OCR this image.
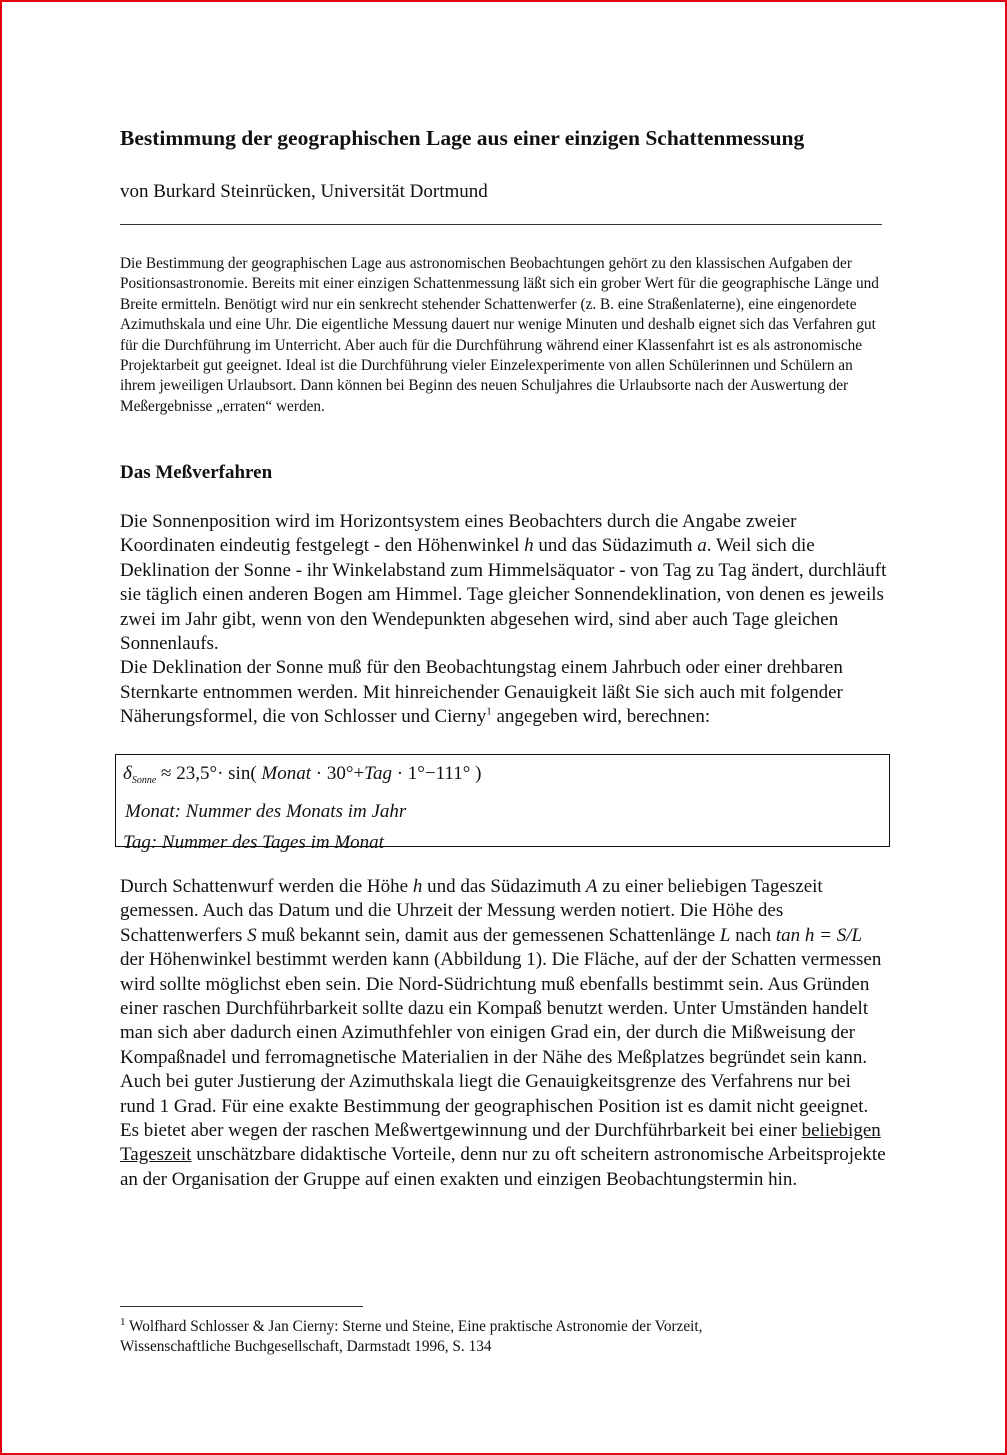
Bestimmung der geographischen Lage aus einer einzigen Schattenmessung
von Burkard Steinrücken, Universität Dortmund

Die Bestimmung der geographischen Lage aus astronomischen Beobachtungen gehört zu den klassischen Aufgaben der Positionsastronomie. Bereits mit einer einzigen Schattenmessung läßt sich ein grober Wert für die geographische Länge und Breite ermitteln. Benötigt wird nur ein senkrecht stehender Schattenwerfer (z. B. eine Straßenlaterne), eine eingenordete Azimuthskala und eine Uhr. Die eigentliche Messung dauert nur wenige Minuten und deshalb eignet sich das Verfahren gut für die Durchführung im Unterricht. Aber auch für die Durchführung während einer Klassenfahrt ist es als astronomische Projektarbeit gut geeignet. Ideal ist die Durchführung vieler Einzelexperimente von allen Schülerinnen und Schülern an ihrem jeweiligen Urlaubsort. Dann können bei Beginn des neuen Schuljahres die Urlaubsorte nach der Auswertung der Meßergebnisse „erraten“ werden.

Das Meßverfahren

Die Sonnenposition wird im Horizontsystem eines Beobachters durch die Angabe zweier Koordinaten eindeutig festgelegt - den Höhenwinkel h und das Südazimuth a. Weil sich die Deklination der Sonne - ihr Winkelabstand zum Himmelsäquator - von Tag zu Tag ändert, durchläuft sie täglich einen anderen Bogen am Himmel. Tage gleicher Sonnendeklination, von denen es jeweils zwei im Jahr gibt, wenn von den Wendepunkten abgesehen wird, sind aber auch Tage gleichen Sonnenlaufs.
Die Deklination der Sonne muß für den Beobachtungstag einem Jahrbuch oder einer drehbaren Sternkarte entnommen werden. Mit hinreichender Genauigkeit läßt Sie sich auch mit folgender Näherungsformel, die von Schlosser und Cierny$^1$ angegeben wird, berechnen:

$\delta_{Sonne} \approx 23,5^\circ\cdot \sin$( Monat · 30°+Tag · 1°−111° )
Monat: Nummer des Monats im Jahr
Tag: Nummer des Tages im Monat

Durch Schattenwurf werden die Höhe h und das Südazimuth A zu einer beliebigen Tageszeit gemessen. Auch das Datum und die Uhrzeit der Messung werden notiert. Die Höhe des Schattenwerfers S muß bekannt sein, damit aus der gemessenen Schattenlänge L nach tan h = S/L der Höhenwinkel bestimmt werden kann (Abbildung 1). Die Fläche, auf der der Schatten vermessen wird sollte möglichst eben sein. Die Nord-Südrichtung muß ebenfalls bestimmt sein. Aus Gründen einer raschen Durchführbarkeit sollte dazu ein Kompaß benutzt werden. Unter Umständen handelt man sich aber dadurch einen Azimuthfehler von einigen Grad ein, der durch die Mißweisung der Kompaßnadel und ferromagnetische Materialien in der Nähe des Meßplatzes begründet sein kann.
Auch bei guter Justierung der Azimuthskala liegt die Genauigkeitsgrenze des Verfahrens nur bei rund 1 Grad. Für eine exakte Bestimmung der geographischen Position ist es damit nicht geeignet. Es bietet aber wegen der raschen Meßwertgewinnung und der Durchführbarkeit bei einer beliebigen Tageszeit unschätzbare didaktische Vorteile, denn nur zu oft scheitern astronomische Arbeitsprojekte an der Organisation der Gruppe auf einen exakten und einzigen Beobachtungstermin hin.

$^1$ Wolfhard Schlosser & Jan Cierny: Sterne und Steine, Eine praktische Astronomie der Vorzeit,
Wissenschaftliche Buchgesellschaft, Darmstadt 1996, S. 134
